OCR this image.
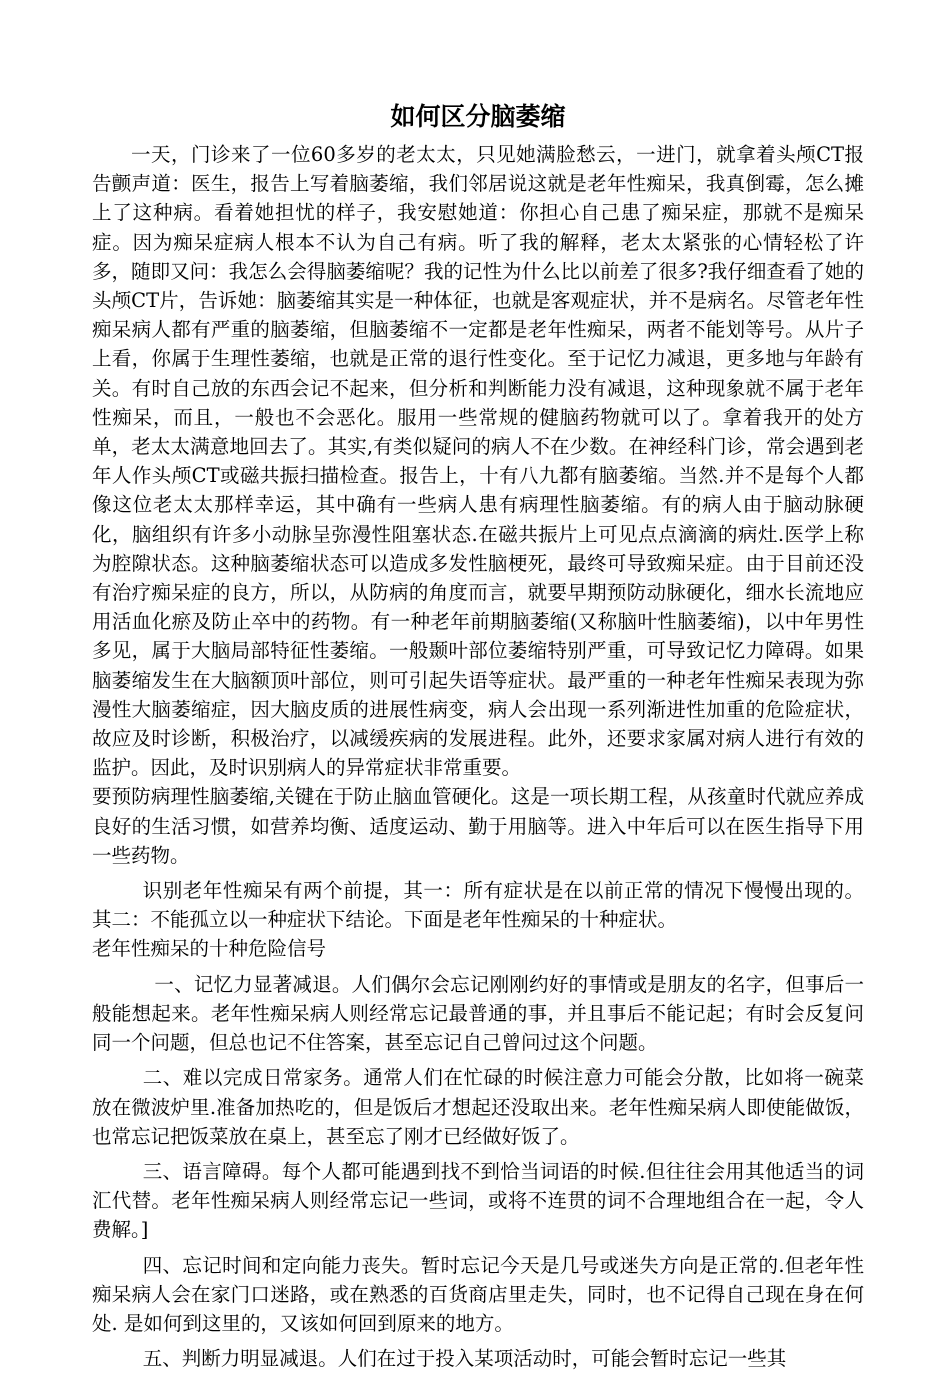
如何区分脑萎缩

一天，门诊来了一位60多岁的老太太，只见她满脸愁云，一进门，就拿着头颅CT报告颤声道：医生，报告上写着脑萎缩，我们邻居说这就是老年性痴呆，我真倒霉，怎么摊上了这种病。看着她担忧的样子，我安慰她道：你担心自己患了痴呆症，那就不是痴呆症。因为痴呆症病人根本不认为自己有病。听了我的解释，老太太紧张的心情轻松了许多，随即又问：我怎么会得脑萎缩呢？我的记性为什么比以前差了很多?我仔细查看了她的头颅CT片，告诉她：脑萎缩其实是一种体征，也就是客观症状，并不是病名。尽管老年性痴呆病人都有严重的脑萎缩，但脑萎缩不一定都是老年性痴呆，两者不能划等号。从片子上看，你属于生理性萎缩，也就是正常的退行性变化。至于记忆力减退，更多地与年龄有关。有时自己放的东西会记不起来，但分析和判断能力没有减退，这种现象就不属于老年性痴呆，而且，一般也不会恶化。服用一些常规的健脑药物就可以了。拿着我开的处方单，老太太满意地回去了。其实,有类似疑问的病人不在少数。在神经科门诊，常会遇到老年人作头颅CT或磁共振扫描检查。报告上，十有八九都有脑萎缩。当然.并不是每个人都像这位老太太那样幸运，其中确有一些病人患有病理性脑萎缩。有的病人由于脑动脉硬化，脑组织有许多小动脉呈弥漫性阻塞状态.在磁共振片上可见点点滴滴的病灶.医学上称为腔隙状态。这种脑萎缩状态可以造成多发性脑梗死，最终可导致痴呆症。由于目前还没有治疗痴呆症的良方，所以，从防病的角度而言，就要早期预防动脉硬化，细水长流地应用活血化瘀及防止卒中的药物。有一种老年前期脑萎缩(又称脑叶性脑萎缩)，以中年男性多见，属于大脑局部特征性萎缩。一般颞叶部位萎缩特别严重，可导致记忆力障碍。如果脑萎缩发生在大脑额顶叶部位，则可引起失语等症状。最严重的一种老年性痴呆表现为弥漫性大脑萎缩症，因大脑皮质的进展性病变，病人会出现一系列渐进性加重的危险症状，故应及时诊断，积极治疗，以减缓疾病的发展进程。此外，还要求家属对病人进行有效的监护。因此，及时识别病人的异常症状非常重要。

要预防病理性脑萎缩,关键在于防止脑血管硬化。这是一项长期工程，从孩童时代就应养成良好的生活习惯，如营养均衡、适度运动、勤于用脑等。进入中年后可以在医生指导下用一些药物。

识别老年性痴呆有两个前提，其一：所有症状是在以前正常的情况下慢慢出现的。其二：不能孤立以一种症状下结论。下面是老年性痴呆的十种症状。

老年性痴呆的十种危险信号

一、记忆力显著减退。人们偶尔会忘记刚刚约好的事情或是朋友的名字，但事后一般能想起来。老年性痴呆病人则经常忘记最普通的事，并且事后不能记起；有时会反复问同一个问题，但总也记不住答案，甚至忘记自己曾问过这个问题。

二、难以完成日常家务。通常人们在忙碌的时候注意力可能会分散，比如将一碗菜放在微波炉里.准备加热吃的，但是饭后才想起还没取出来。老年性痴呆病人即使能做饭，也常忘记把饭菜放在桌上，甚至忘了刚才已经做好饭了。

三、语言障碍。每个人都可能遇到找不到恰当词语的时候.但往往会用其他适当的词汇代替。老年性痴呆病人则经常忘记一些词，或将不连贯的词不合理地组合在一起，令人费解。]

四、忘记时间和定向能力丧失。暂时忘记今天是几号或迷失方向是正常的.但老年性痴呆病人会在家门口迷路，或在熟悉的百货商店里走失，同时，也不记得自己现在身在何处. 是如何到这里的，又该如何回到原来的地方。

五、判断力明显减退。人们在过于投入某项活动时，可能会暂时忘记一些其
